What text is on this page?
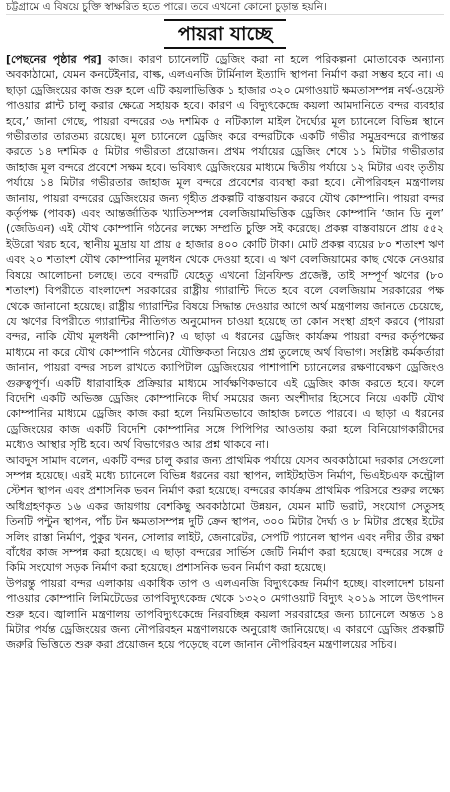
চট্টগ্রামে এ বিষয়ে চুক্তি স্বাক্ষরিত হতে পারে। তবে এখনো কোনো চুড়ান্ত হয়নি।
পায়রা যাচ্ছে

[পেছনের পৃষ্ঠার পর] কাজ। কারণ চ্যানেলটি ড্রেজিং করা না হলে পরিকল্পনা মোতাবেক অন্যান্য অবকাঠামো, যেমন কনটেইনার, বাল্ক, এলএনজি টার্মিনাল ইত্যাদি স্থাপনা নির্মাণ করা সম্ভব হবে না। এ ছাড়া ড্রেজিংয়ের কাজ শুরু হলে এটি কয়লাভিত্তিক ১ হাজার ৩২০ মেগাওয়াট ক্ষমতাসম্পন্ন নর্থ-ওয়েস্ট পাওয়ার প্লান্ট চালু করার ক্ষেত্রে সহায়ক হবে। কারণ এ বিদ্যুৎকেন্দ্রে কয়লা আমদানিতে বন্দর ব্যবহার হবে,’ জানা গেছে, পায়রা বন্দরের ৩৬ দশমিক ৫ নটিক্যাল মাইল দৈর্ঘ্যের মূল চ্যানেলে বিভিন্ন স্থানে গভীরতার তারতম্য রয়েছে। মূল চ্যানেলে ড্রেজিং করে বন্দরটিকে একটি গভীর সমুদ্রবন্দরে রূপান্তর করতে ১৪ দশমিক ৫ মিটার গভীরতা প্রয়োজন। প্রথম পর্যায়ের ড্রেজিং শেষে ১১ মিটার গভীরতার জাহাজ মূল বন্দরে প্রবেশে সক্ষম হবে। ভবিষ্যৎ ড্রেজিংয়ের মাধ্যমে দ্বিতীয় পর্যায়ে ১২ মিটার এবং তৃতীয় পর্যায়ে ১৪ মিটার গভীরতার জাহাজ মূল বন্দরে প্রবেশের ব্যবস্থা করা হবে। নৌপরিবহন মন্ত্রণালয় জানায়, পায়রা বন্দরের ড্রেজিংয়ের জন্য গৃহীত প্রকল্পটি বাস্তবায়ন করবে যৌথ কোম্পানি। পায়রা বন্দর কর্তৃপক্ষ (পাবক) এবং আন্তর্জাতিক খ্যাতিসম্পন্ন বেলজিয়ামভিত্তিক ড্রেজিং কোম্পানি ‘জান ডি নুল’ (জেডিএন) এই যৌথ কোম্পানি গঠনের লক্ষ্যে সম্প্রতি চুক্তি সই করেছে। প্রকল্প বাস্তবায়নে প্রায় ৫৫২ ইউরো খরচ হবে, স্থানীয় মুদ্রায় যা প্রায় ৫ হাজার ৪০০ কোটি টাকা। মোট প্রকল্প ব্যয়ের ৮০ শতাংশ ঋণ এবং ২০ শতাংশ যৌথ কোম্পানির মূলধন থেকে দেওয়া হবে। এ ঋণ বেলজিয়ামের কাছ থেকে নেওয়ার বিষয়ে আলোচনা চলছে। তবে বন্দরটি যেহেতু এখনো গ্রিনফিল্ড প্রজেক্ট, তাই সম্পূর্ণ ঋণের (৮০ শতাংশ) বিপরীতে বাংলাদেশ সরকারের রাষ্ট্রীয় গ্যারান্টি দিতে হবে বলে বেলজিয়াম সরকারের পক্ষ থেকে জানানো হয়েছে। রাষ্ট্রীয় গ্যারান্টির বিষয়ে সিদ্ধান্ত দেওয়ার আগে অর্থ মন্ত্রণালয় জানতে চেয়েছে, যে ঋণের বিপরীতে গ্যারান্টির নীতিগত অনুমোদন চাওয়া হয়েছে তা কোন সংস্থা গ্রহণ করবে (পায়রা বন্দর, নাকি যৌথ মূলধনী কোম্পানি)? এ ছাড়া এ ধরনের ড্রেজিং কার্যক্রম পায়রা বন্দর কর্তৃপক্ষের মাধ্যমে না করে যৌথ কোম্পানি গঠনের যৌক্তিকতা নিয়েও প্রশ্ন তুলেছে অর্থ বিভাগ। সংশ্লিষ্ট কর্মকর্তারা জানান, পায়রা বন্দর সচল রাখতে ক্যাপিটাল ড্রেজিংয়ের পাশাপাশি চ্যানেলের রক্ষণাবেক্ষণ ড্রেজিংও গুরুত্বপূর্ণ। একটি ধারাবাহিক প্রক্রিয়ার মাধ্যমে সার্বক্ষণিকভাবে এই ড্রেজিং কাজ করতে হবে। ফলে বিদেশি একটি অভিজ্ঞ ড্রেজিং কোম্পানিকে দীর্ঘ সময়ের জন্য অংশীদার হিসেবে নিয়ে একটি যৌথ কোম্পানির মাধ্যমে ড্রেজিং কাজ করা হলে নিয়মিতভাবে জাহাজ চলতে পারবে। এ ছাড়া এ ধরনের ড্রেজিংয়ের কাজ একটি বিদেশি কোম্পানির সঙ্গে পিপিপির আওতায় করা হলে বিনিয়োগকারীদের মধ্যেও আস্থার সৃষ্টি হবে। অর্থ বিভাগেরও আর প্রশ্ন থাকবে না।

আবদুস সামাদ বলেন, একটি বন্দর চালু করার জন্য প্রাথমিক পর্যায়ে যেসব অবকাঠামো দরকার সেগুলো সম্পন্ন হয়েছে। এরই মধ্যে চ্যানেলে বিভিন্ন ধরনের বয়া স্থাপন, লাইটহাউস নির্মাণ, ভিএইচএফ কন্ট্রোল স্টেশন স্থাপন এবং প্রশাসনিক ভবন নির্মাণ করা হয়েছে। বন্দরের কার্যক্রম প্রাথমিক পরিসরে শুরুর লক্ষ্যে অধিগ্রহণকৃত ১৬ একর জায়গায় বেশকিছু অবকাঠামো উন্নয়ন, যেমন মাটি ভরাট, সংযোগ সেতুসহ তিনটি পন্টুন স্থাপন, পাঁচ টন ক্ষমতাসম্পন্ন দুটি ক্রেন স্থাপন, ৩০০ মিটার দৈর্ঘ্য ও ৮ মিটার প্রস্থের ইটের সলিং রাস্তা নির্মাণ, পুকুর খনন, সোলার লাইট, জেনারেটর, সেপটি প্যানেল স্থাপন এবং নদীর তীর রক্ষা বাঁধের কাজ সম্পন্ন করা হয়েছে। এ ছাড়া বন্দরের সার্ভিস জেটি নির্মাণ করা হয়েছে। বন্দরের সঙ্গে ৫ কিমি সংযোগ সড়ক নির্মাণ করা হয়েছে। প্রশাসনিক ভবন নির্মাণ করা হয়েছে।

উপরন্তু পায়রা বন্দর এলাকায় একাধিক তাপ ও এলএনজি বিদ্যুৎকেন্দ্র নির্মাণ হচ্ছে। বাংলাদেশ চায়না পাওয়ার কোম্পানি লিমিটেডের তাপবিদ্যুৎকেন্দ্র থেকে ১৩২০ মেগাওয়াট বিদ্যুৎ ২০১৯ সালে উৎপাদন শুরু হবে। জ্বালানি মন্ত্রণালয় তাপবিদ্যুৎকেন্দ্রে নিরবচ্ছিন্ন কয়লা সরবরাহের জন্য চ্যানেলে অন্তত ১৪ মিটার পর্যন্ত ড্রেজিংয়ের জন্য নৌপরিবহন মন্ত্রণালয়কে অনুরোধ জানিয়েছে। এ কারণে ড্রেজিং প্রকল্পটি জরুরি ভিত্তিতে শুরু করা প্রয়োজন হয়ে পড়েছে বলে জানান নৌপরিবহন মন্ত্রণালয়ের সচিব।
